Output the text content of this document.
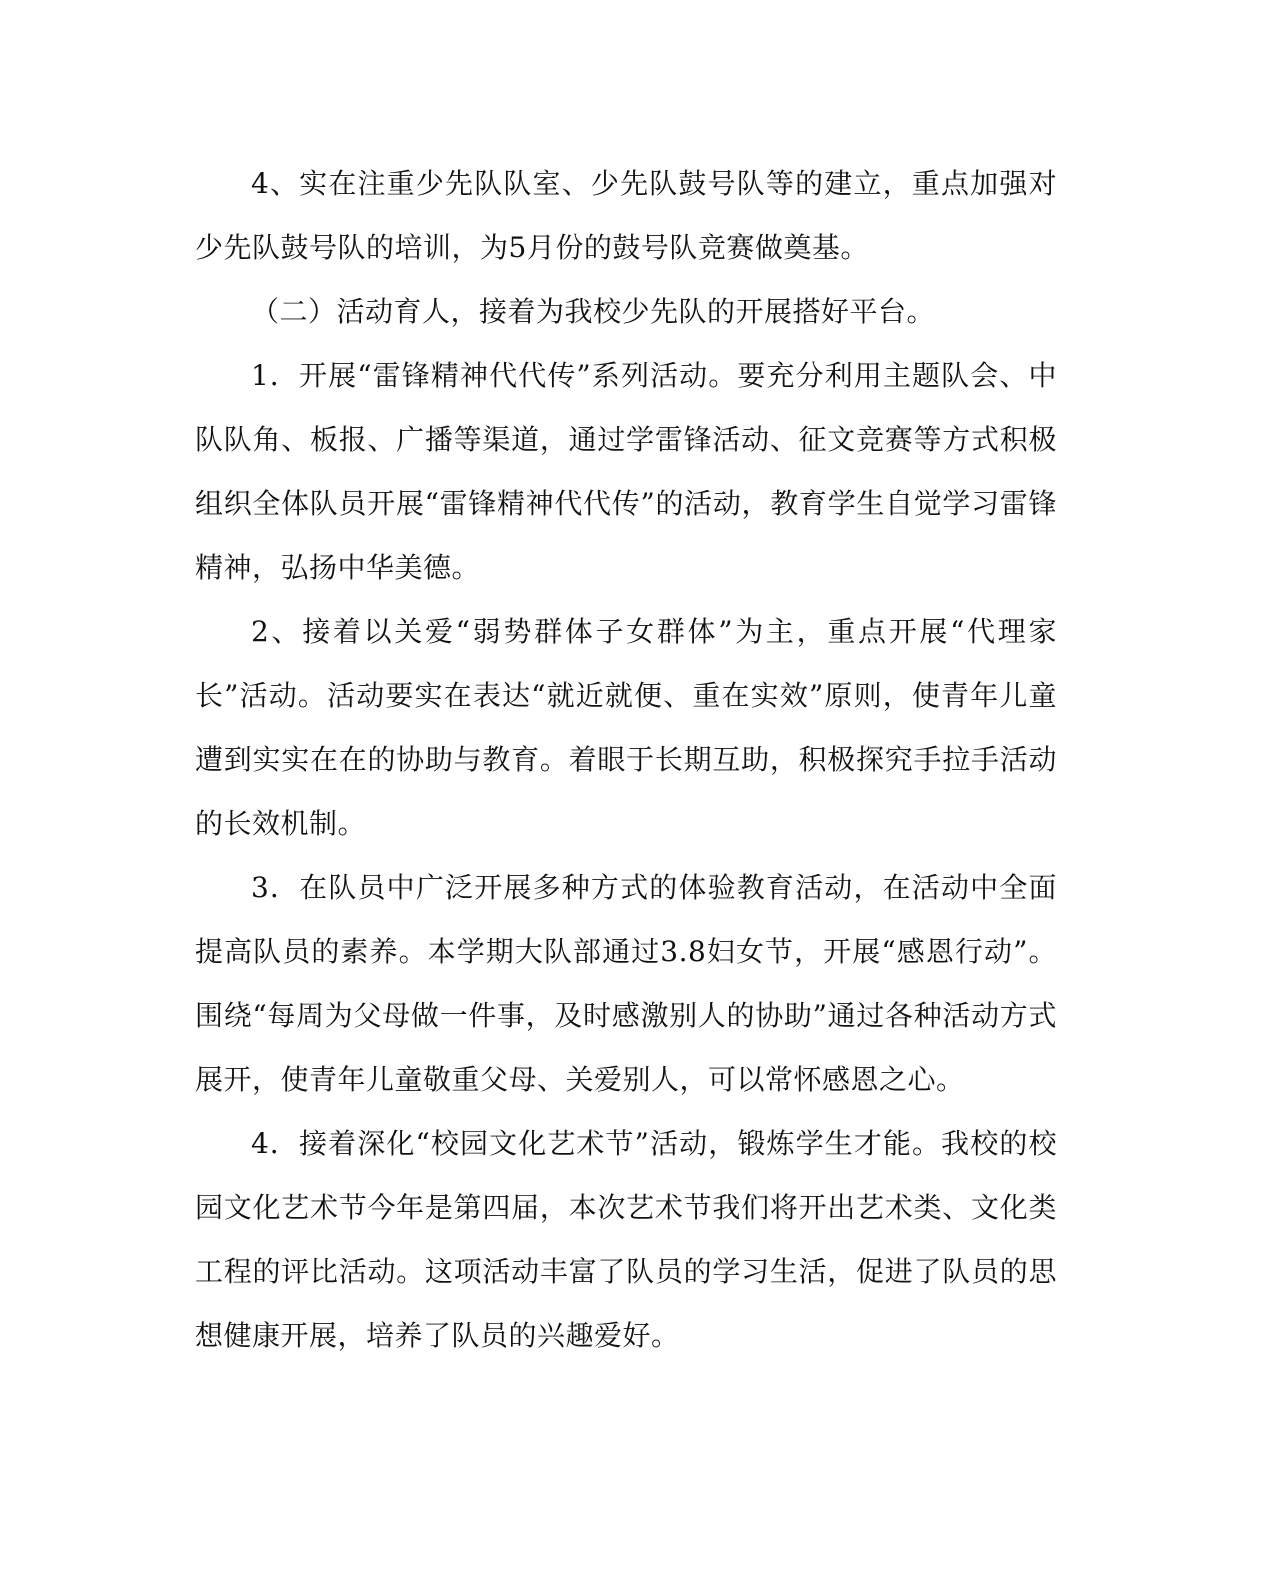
4、实在注重少先队队室、少先队鼓号队等的建立，重点加强对少先队鼓号队的培训，为5月份的鼓号队竞赛做奠基。

（二）活动育人，接着为我校少先队的开展搭好平台。

1．开展“雷锋精神代代传”系列活动。要充分利用主题队会、中队队角、板报、广播等渠道，通过学雷锋活动、征文竞赛等方式积极组织全体队员开展“雷锋精神代代传”的活动，教育学生自觉学习雷锋精神，弘扬中华美德。

2、接着以关爱“弱势群体子女群体”为主，重点开展“代理家长”活动。活动要实在表达“就近就便、重在实效”原则，使青年儿童遭到实实在在的协助与教育。着眼于长期互助，积极探究手拉手活动的长效机制。

3．在队员中广泛开展多种方式的体验教育活动，在活动中全面提高队员的素养。本学期大队部通过3.8妇女节，开展“感恩行动”。围绕“每周为父母做一件事，及时感激别人的协助”通过各种活动方式展开，使青年儿童敬重父母、关爱别人，可以常怀感恩之心。

4．接着深化“校园文化艺术节”活动，锻炼学生才能。我校的校园文化艺术节今年是第四届，本次艺术节我们将开出艺术类、文化类工程的评比活动。这项活动丰富了队员的学习生活，促进了队员的思想健康开展，培养了队员的兴趣爱好。
